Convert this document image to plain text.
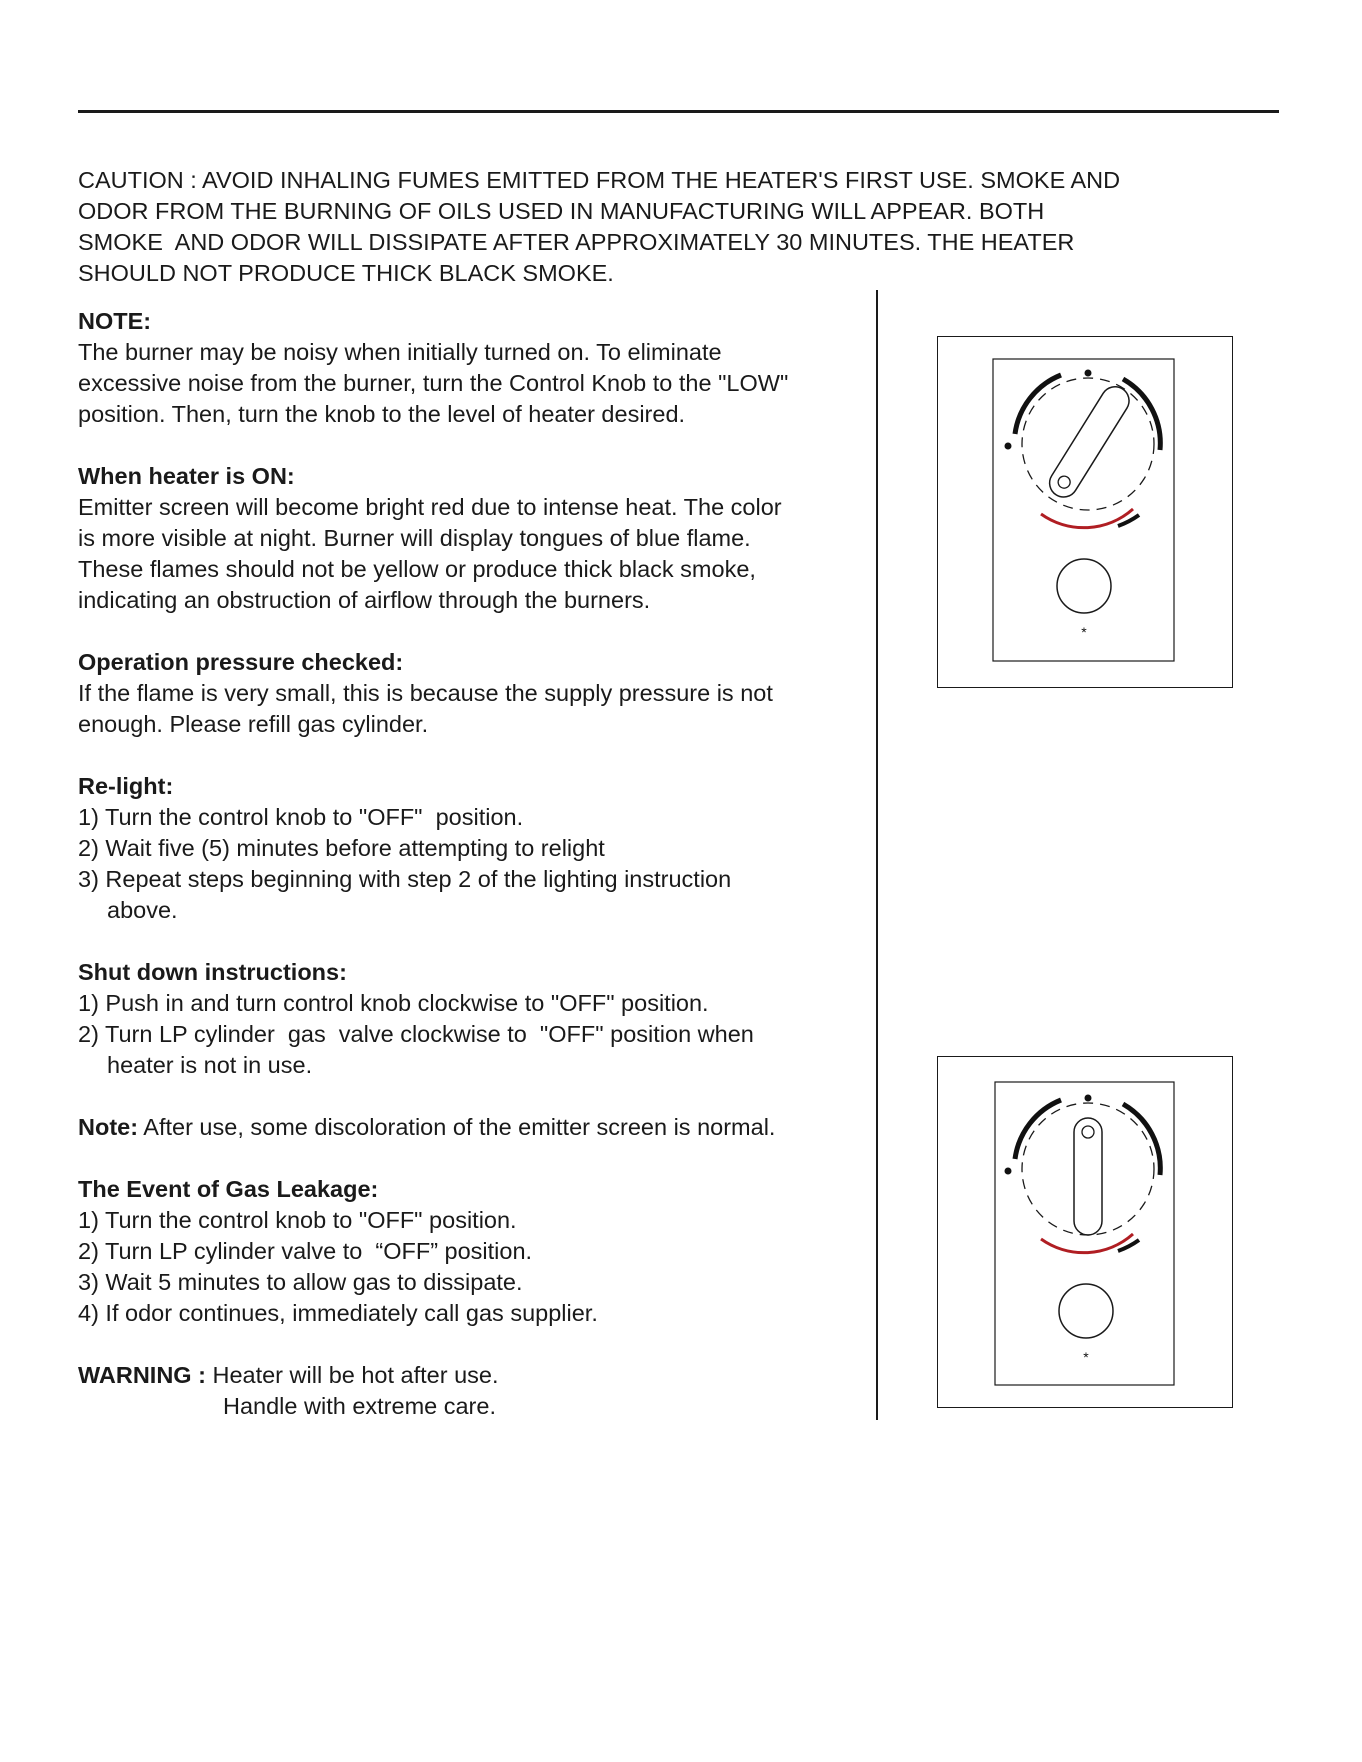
CAUTION : AVOID INHALING FUMES EMITTED FROM THE HEATER'S FIRST USE. SMOKE AND
ODOR FROM THE BURNING OF OILS USED IN MANUFACTURING WILL APPEAR. BOTH
SMOKE  AND ODOR WILL DISSIPATE AFTER APPROXIMATELY 30 MINUTES. THE HEATER
SHOULD NOT PRODUCE THICK BLACK SMOKE.
NOTE:
The burner may be noisy when initially turned on. To eliminate
excessive noise from the burner, turn the Control Knob to the "LOW"
position. Then, turn the knob to the level of heater desired.
When heater is ON:
Emitter screen will become bright red due to intense heat. The color
is more visible at night. Burner will display tongues of blue flame.
These flames should not be yellow or produce thick black smoke,
indicating an obstruction of airflow through the burners.
Operation pressure checked:
If the flame is very small, this is because the supply pressure is not
enough. Please refill gas cylinder.
Re-light:
1) Turn the control knob to "OFF"  position.
2) Wait five (5) minutes before attempting to relight
3) Repeat steps beginning with step 2 of the lighting instruction
above.
Shut down instructions:
1) Push in and turn control knob clockwise to "OFF" position.
2) Turn LP cylinder  gas  valve clockwise to  "OFF" position when
heater is not in use.
Note: After use, some discoloration of the emitter screen is normal.
The Event of Gas Leakage:
1) Turn the control knob to "OFF" position.
2) Turn LP cylinder valve to  “OFF” position.
3) Wait 5 minutes to allow gas to dissipate.
4) If odor continues, immediately call gas supplier.
WARNING : Heater will be hot after use.
Handle with extreme care.
*
*
